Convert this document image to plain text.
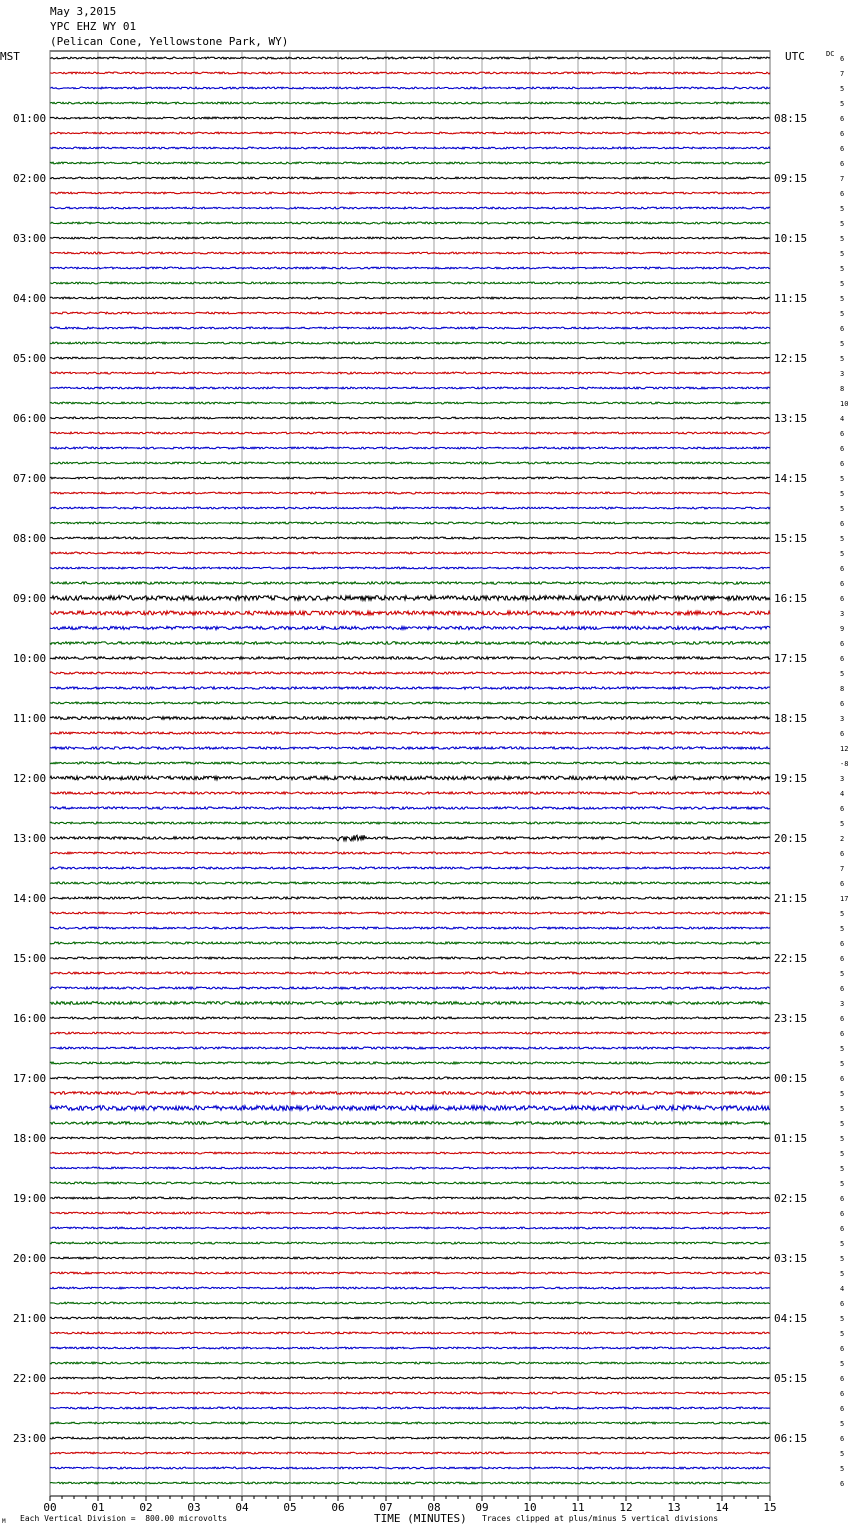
May 3,2015
YPC EHZ WY 01
(Pelican Cone, Yellowstone Park, WY)
MST	UTC	DC
TIME (MINUTES)
00	01	02	03	04	05	06	07	08	09	10	11	12	13	14	15
6
7
5
5
6
01:00	08:15
6
6
6
7
02:00	09:15
6
5
5
5
03:00	10:15
5
5
5
5
04:00	11:15
5
6
5
5
05:00	12:15
3
8
10
4
06:00	13:15
6
6
6
5
07:00	14:15
5
5
6
5
08:00	15:15
5
6
6
6
09:00	16:15
3
9
6
6
10:00	17:15
5
8
6
3
11:00	18:15
6
12
-8
3
12:00	19:15
4
6
5
2
13:00	20:15
6
7
6
17
14:00	21:15
5
5
6
6
15:00	22:15
5
6
3
6
16:00	23:15
6
5
5
6
17:00	00:15
5
5
5
5
18:00	01:15
5
5
5
6
19:00	02:15
6
6
5
5
20:00	03:15
5
4
6
5
21:00	04:15
5
6
5
6
22:00	05:15
6
6
5
6
23:00	06:15
5
5
6
Each Vertical Division =  800.00 microvolts	Traces clipped at plus/minus 5 vertical divisions
M
